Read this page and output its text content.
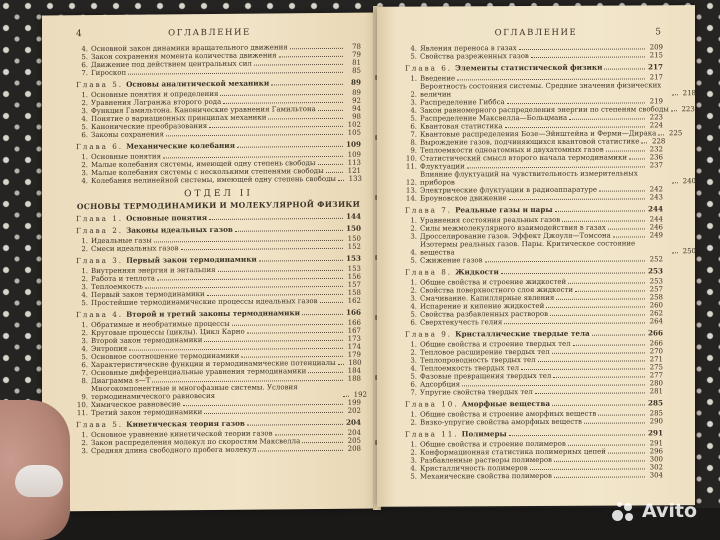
4	ОГЛАВЛЕНИЕ
4. Основной закон динамики вращательного движения	78
5. Закон сохранения момента количества движения	79
6. Движение под действием центральных сил	81
7. Гироскоп	85
Глава 5. Основы аналитической механики	89
1. Основные понятия и определения	89
2. Уравнения Лагранжа второго рода	92
3. Функция Гамильтона. Канонические уравнения Гамильтона	94
4. Понятие о вариационных принципах механики	98
5. Канонические преобразования	102
6. Законы сохранения	105
Глава 6. Механические колебания	109
1. Основные понятия	109
2. Малые колебания системы, имеющей одну степень свободы	113
3. Малые колебания системы с несколькими степенями свободы	121
4. Колебания нелинейной системы, имеющей одну степень свободы	133
ОТДЕЛ II
ОСНОВЫ ТЕРМОДИНАМИКИ И МОЛЕКУЛЯРНОЙ ФИЗИКИ
Глава 1. Основные понятия	144
Глава 2. Законы идеальных газов	150
1. Идеальные газы	150
2. Смеси идеальных газов	152
Глава 3. Первый закон термодинамики	153
1. Внутренняя энергия и энтальпия	153
2. Работа и теплота	156
3. Теплоемкость	157
4. Первый закон термодинамики	158
5. Простейшие термодинамические процессы идеальных газов	162
Глава 4. Второй и третий законы термодинамики	166
1. Обратимые и необратимые процессы	166
2. Круговые процессы (циклы). Цикл Карно	167
3. Второй закон термодинамики	173
4. Энтропия	174
5. Основное соотношение термодинамики	179
6. Характеристические функции и термодинамические потенциалы	180
7. Основные дифференциальные уравнения термодинамики	184
8. Диаграмма s—T	188
9.
Многокомпонентные и многофазные системы. Условия термодинамического равновесия	192
10. Химическое равновесие	199
11. Третий закон термодинамики	202
Глава 5. Кинетическая теория газов	204
1. Основное уравнение кинетической теории газов	204
2. Закон распределения молекул по скоростям Максвелла	205
3. Средняя длина свободного пробега молекул	208
ОГЛАВЛЕНИЕ	5
4. Явления переноса в газах	209
5. Свойства разреженных газов	215
Глава 6. Элементы статистической физики	217
1. Введение	217
2.
Вероятность состояния системы. Средние значения физических величин	218
3. Распределение Гиббса	219
4. Закон равномерного распределения энергии по степеням свободы	223
5. Распределение Максвелла—Больцмана	223
6. Квантовая статистика	224
7. Квантовые распределения Бозе—Эйнштейна и Ферми—Дирака	225
8. Вырождение газов, подчиняющихся квантовой статистике	228
9. Теплоемкости одноатомных и двухатомных газов	232
10. Статистический смысл второго начала термодинамики	236
11. Флуктуации	237
12.
Влияние флуктуаций на чувствительность измерительных приборов	240
13. Электрические флуктуации в радиоаппаратуре	242
14. Броуновское движение	243
Глава 7. Реальные газы и пары	244
1. Уравнения состояния реальных газов	244
2. Силы межмолекулярного взаимодействия в газах	246
3. Дросселирование газов. Эффект Джоуля—Томсона	249
4.
Изотермы реальных газов. Пары. Критическое состояние вещества	250
5. Сжижение газов	252
Глава 8. Жидкости	253
1. Общие свойства и строение жидкостей	253
2. Свойства поверхностного слоя жидкости	257
3. Смачивание. Капиллярные явления	258
4. Испарение и кипение жидкостей	260
5. Свойства разбавленных растворов	262
6. Сверхтекучесть гелия	264
Глава 9. Кристаллические твердые тела	266
1. Общие свойства и строение твердых тел	266
2. Тепловое расширение твердых тел	270
3. Теплопроводность твердых тел	271
4. Теплоемкость твердых тел	275
5. Фазовые превращения твердых тел	277
6. Адсорбция	280
7. Упругие свойства твердых тел	281
Глава 10. Аморфные вещества	285
1. Общие свойства и строение аморфных веществ	285
2. Вязко-упругие свойства аморфных веществ	290
Глава 11. Полимеры	291
1. Общие свойства и строение полимеров	291
2. Конформационная статистика полимерных цепей	296
3. Разбавленные растворы полимеров	300
4. Кристалличность полимеров	302
5. Механические свойства полимеров	304
Avito
